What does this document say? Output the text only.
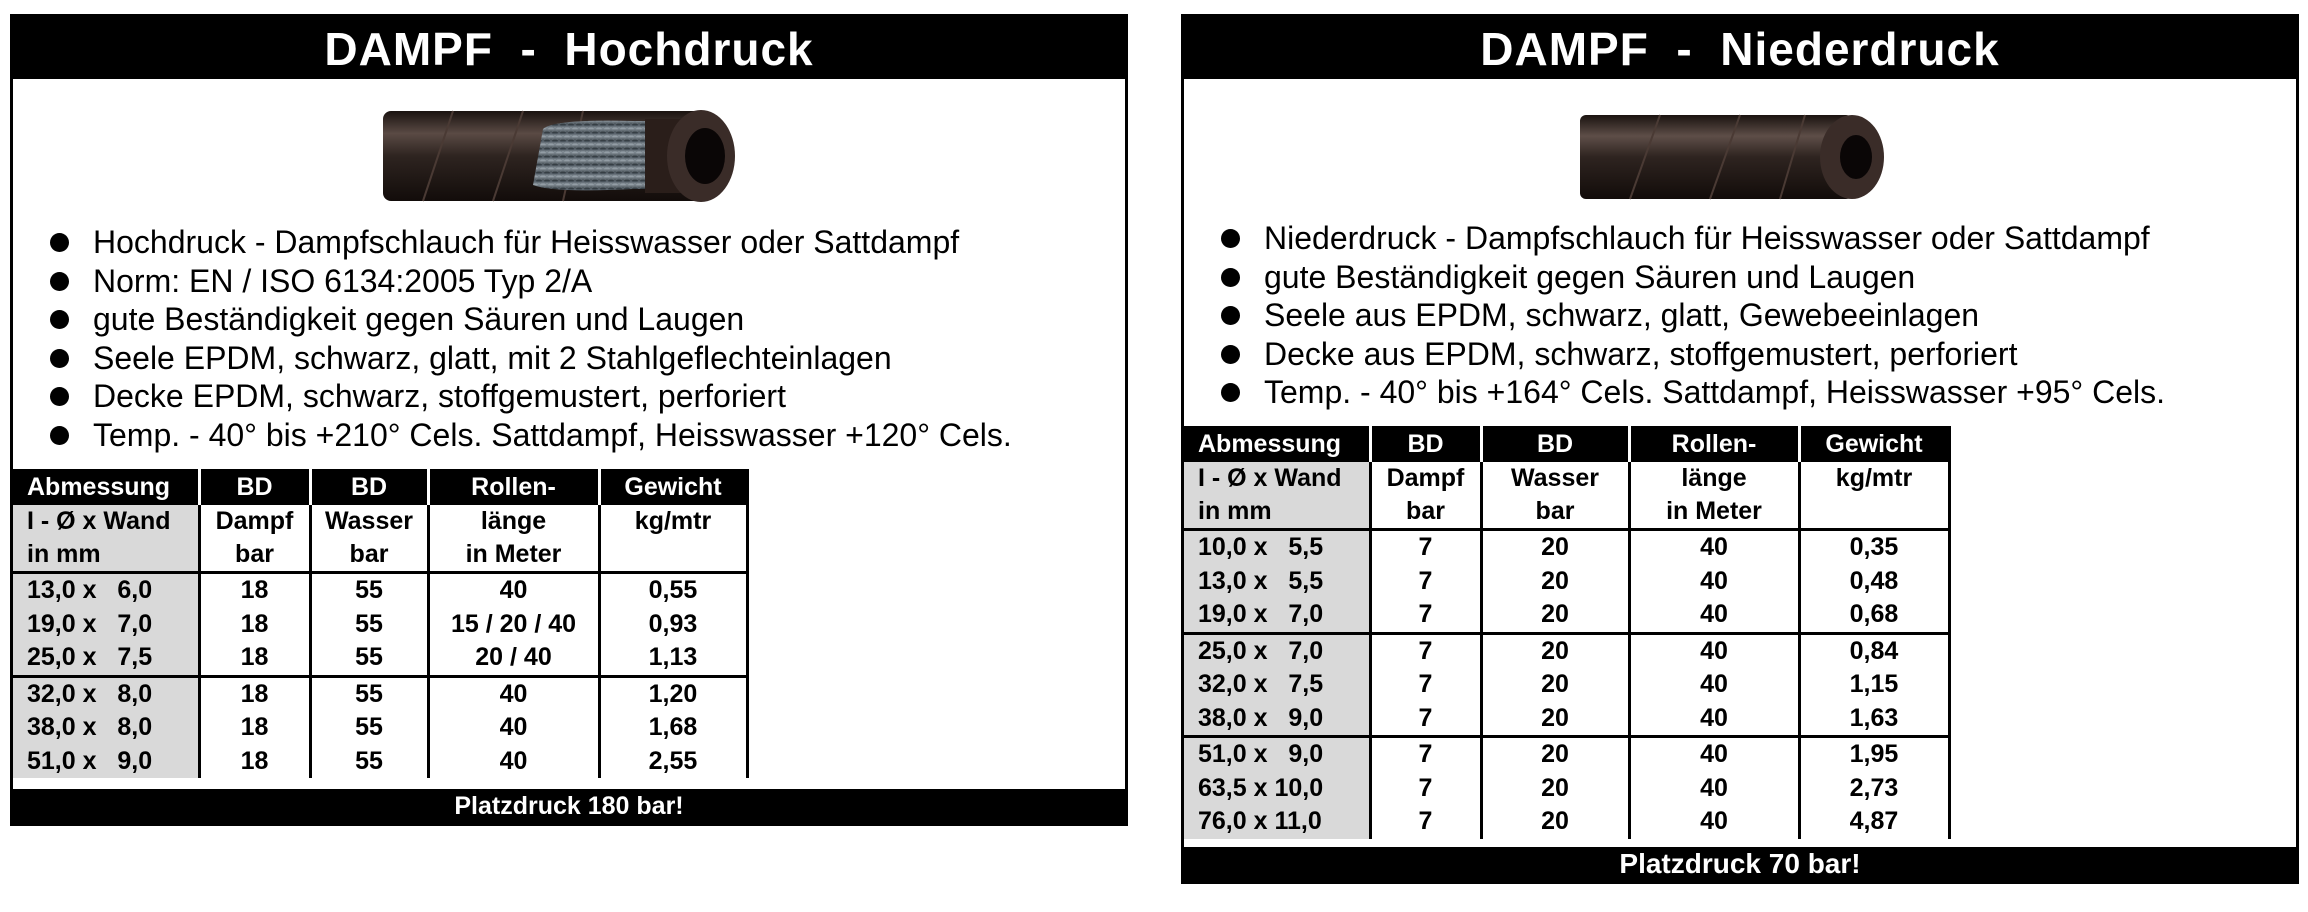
DAMPF  -  Hochdruck
Hochdruck - Dampfschlauch für Heisswasser oder Sattdampf
Norm: EN / ISO 6134:2005 Typ 2/A
gute Beständigkeit gegen Säuren und Laugen
Seele EPDM, schwarz, glatt, mit 2 Stahlgeflechteinlagen
Decke EPDM, schwarz, stoffgemustert, perforiert
Temp. - 40° bis +210° Cels. Sattdampf, Heisswasser +120° Cels.
Abmessung	BD	BD	Rollen-	Gewicht
I - Ø x Wand	Dampf	Wasser	länge	kg/mtr
in mm	bar	bar	in Meter	
13,0 x   6,0	18	55	40	0,55
19,0 x   7,0	18	55	15 / 20 / 40	0,93
25,0 x   7,5	18	55	20 / 40	1,13
32,0 x   8,0	18	55	40	1,20
38,0 x   8,0	18	55	40	1,68
51,0 x   9,0	18	55	40	2,55
Platzdruck 180 bar!
DAMPF  -  Niederdruck
Niederdruck - Dampfschlauch für Heisswasser oder Sattdampf
gute Beständigkeit gegen Säuren und Laugen
Seele aus EPDM, schwarz, glatt, Gewebeeinlagen
Decke aus EPDM, schwarz, stoffgemustert, perforiert
Temp. - 40° bis +164° Cels. Sattdampf, Heisswasser +95° Cels.
Abmessung	BD	BD	Rollen-	Gewicht
I - Ø x Wand	Dampf	Wasser	länge	kg/mtr
in mm	bar	bar	in Meter	
10,0 x   5,5	7	20	40	0,35
13,0 x   5,5	7	20	40	0,48
19,0 x   7,0	7	20	40	0,68
25,0 x   7,0	7	20	40	0,84
32,0 x   7,5	7	20	40	1,15
38,0 x   9,0	7	20	40	1,63
51,0 x   9,0	7	20	40	1,95
63,5 x 10,0	7	20	40	2,73
76,0 x 11,0	7	20	40	4,87
Platzdruck 70 bar!
